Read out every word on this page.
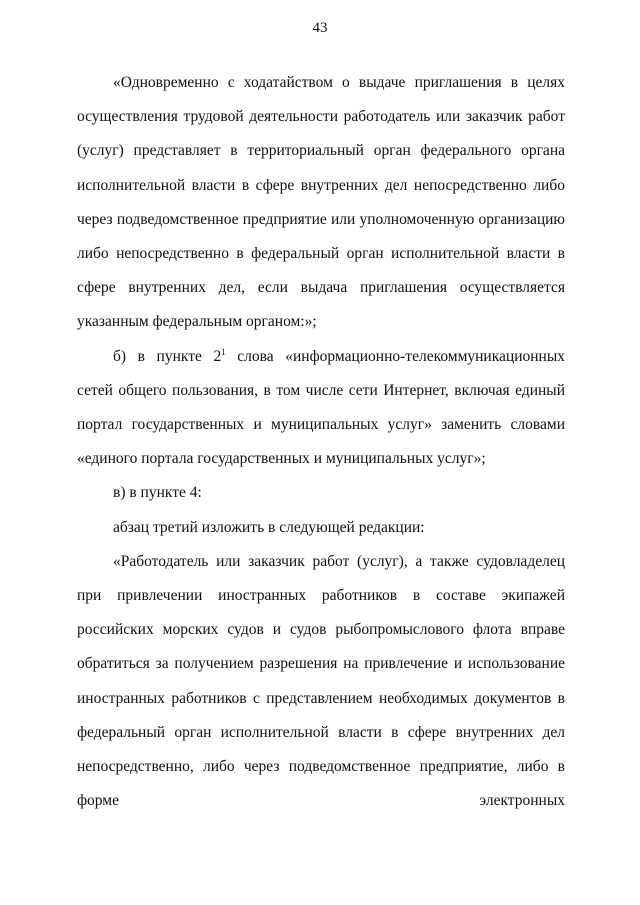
43

«Одновременно с ходатайством о выдаче приглашения в целях осуществления трудовой деятельности работодатель или заказчик работ (услуг) представляет в территориальный орган федерального органа исполнительной власти в сфере внутренних дел непосредственно либо через подведомственное предприятие или уполномоченную организацию либо непосредственно в федеральный орган исполнительной власти в сфере внутренних дел, если выдача приглашения осуществляется указанным федеральным органом:»;

б) в пункте $2^1$ слова «информационно-телекоммуникационных сетей общего пользования, в том числе сети Интернет, включая единый портал государственных и муниципальных услуг» заменить словами «единого портала государственных и муниципальных услуг»;

в) в пункте 4:

абзац третий изложить в следующей редакции:

«Работодатель или заказчик работ (услуг), а также судовладелец при привлечении иностранных работников в составе экипажей российских морских судов и судов рыбопромыслового флота вправе обратиться за получением разрешения на привлечение и использование иностранных работников с представлением необходимых документов в федеральный орган исполнительной власти в сфере внутренних дел непосредственно, либо через подведомственное предприятие, либо в форме электронных
